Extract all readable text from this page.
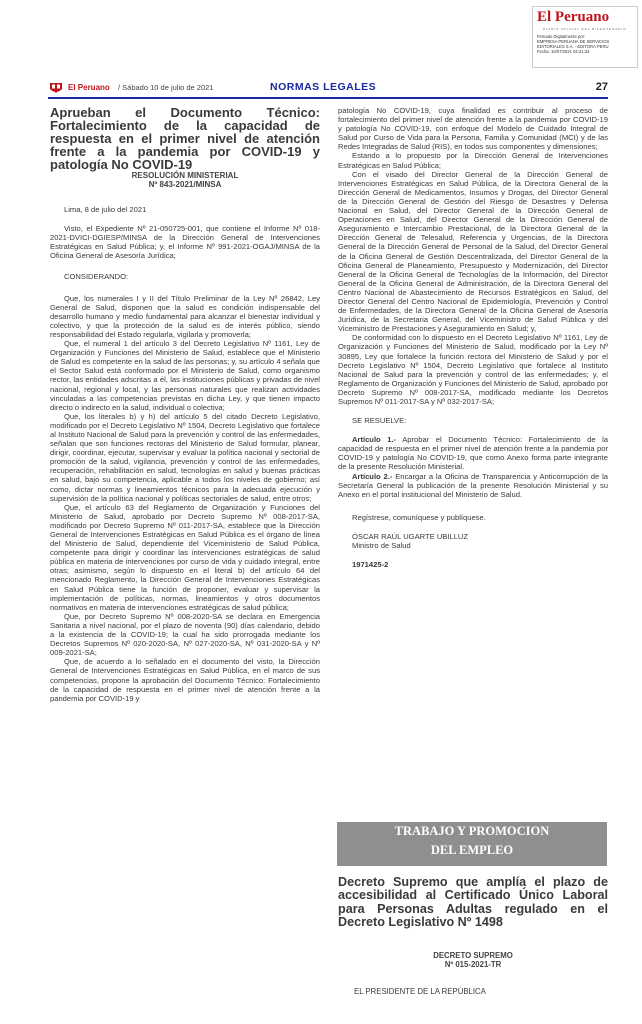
El Peruano
DIARIO OFICIAL DEL BICENTENARIO
Firmado Digitalmente por:
EMPRESA PERUANA DE SERVICIOS
EDITORIALES S.A. - EDITORA PERU
Fecha: 10/07/2021 04:31:33
El Peruano / Sábado 10 de julio de 2021	NORMAS LEGALES	27

Aprueban el Documento Técnico: Fortalecimiento de la capacidad de respuesta en el primer nivel de atención frente a la pandemia por COVID-19 y patología No COVID-19

RESOLUCIÓN MINISTERIAL
Nº 843-2021/MINSA

Lima, 8 de julio del 2021

Visto, el Expediente Nº 21-050725-001, que contiene el Informe Nº 018-2021-DVICI-DGIESP/MINSA de la Dirección General de Intervenciones Estratégicas en Salud Pública; y, el Informe Nº 991-2021-OGAJ/MINSA de la Oficina General de Asesoría Jurídica;

CONSIDERANDO:

Que, los numerales I y II del Título Preliminar de la Ley Nº 26842, Ley General de Salud, disponen que la salud es condición indispensable del desarrollo humano y medio fundamental para alcanzar el bienestar individual y colectivo, y que la protección de la salud es de interés público, siendo responsabilidad del Estado regularla, vigilarla y promoverla;

Que, el numeral 1 del artículo 3 del Decreto Legislativo Nº 1161, Ley de Organización y Funciones del Ministerio de Salud, establece que el Ministerio de Salud es competente en la salud de las personas; y, su artículo 4 señala que el Sector Salud está conformado por el Ministerio de Salud, como organismo rector, las entidades adscritas a él, las instituciones públicas y privadas de nivel nacional, regional y local, y las personas naturales que realizan actividades vinculadas a las competencias previstas en dicha Ley, y que tienen impacto directo o indirecto en la salud, individual o colectiva;

Que, los literales b) y h) del artículo 5 del citado Decreto Legislativo, modificado por el Decreto Legislativo Nº 1504, Decreto Legislativo que fortalece al Instituto Nacional de Salud para la prevención y control de las enfermedades, señalan que son funciones rectoras del Ministerio de Salud formular, planear, dirigir, coordinar, ejecutar, supervisar y evaluar la política nacional y sectorial de promoción de la salud, vigilancia, prevención y control de las enfermedades, recuperación, rehabilitación en salud, tecnologías en salud y buenas prácticas en salud, bajo su competencia, aplicable a todos los niveles de gobierno; así como, dictar normas y lineamientos técnicos para la adecuada ejecución y supervisión de la política nacional y políticas sectoriales de salud, entre otros;

Que, el artículo 63 del Reglamento de Organización y Funciones del Ministerio de Salud, aprobado por Decreto Supremo Nº 008-2017-SA, modificado por Decreto Supremo Nº 011-2017-SA, establece que la Dirección General de Intervenciones Estratégicas en Salud Pública es el órgano de línea del Ministerio de Salud, dependiente del Viceministerio de Salud Pública, competente para dirigir y coordinar las intervenciones estratégicas de salud pública en materia de intervenciones por curso de vida y cuidado integral, entre otras; asimismo, según lo dispuesto en el literal b) del artículo 64 del mencionado Reglamento, la Dirección General de Intervenciones Estratégicas en Salud Pública tiene la función de proponer, evaluar y supervisar la implementación de políticas, normas, lineamientos y otros documentos normativos en materia de intervenciones estratégicas de salud pública;

Que, por Decreto Supremo Nº 008-2020-SA se declara en Emergencia Sanitaria a nivel nacional, por el plazo de noventa (90) días calendario, debido a la existencia de la COVID-19; la cual ha sido prorrogada mediante los Decretos Supremos Nº 020-2020-SA, Nº 027-2020-SA, Nº 031-2020-SA y Nº 009-2021-SA;

Que, de acuerdo a lo señalado en el documento del visto, la Dirección General de Intervenciones Estratégicas en Salud Pública, en el marco de sus competencias, propone la aprobación del Documento Técnico: Fortalecimiento de la capacidad de respuesta en el primer nivel de atención frente a la pandemia por COVID-19 y

patología No COVID-19, cuya finalidad es contribuir al proceso de fortalecimiento del primer nivel de atención frente a la pandemia por COVID-19 y patología No COVID-19, con enfoque del Modelo de Cuidado Integral de Salud por Curso de Vida para la Persona, Familia y Comunidad (MCI) y de las Redes Integradas de Salud (RIS), en todos sus componentes y dimensiones;

Estando a lo propuesto por la Dirección General de Intervenciones Estratégicas en Salud Pública;

Con el visado del Director General de la Dirección General de Intervenciones Estratégicas en Salud Pública, de la Directora General de la Dirección General de Medicamentos, Insumos y Drogas, del Director General de la Dirección General de Gestión del Riesgo de Desastres y Defensa Nacional en Salud, del Director General de la Dirección General de Operaciones en Salud, del Director General de la Dirección General de Aseguramiento e Intercambio Prestacional, de la Directora General de la Dirección General de Telesalud, Referencia y Urgencias, de la Directora General de la Dirección General de Personal de la Salud, del Director General de la Oficina General de Gestión Descentralizada, del Director General de la Oficina General de Planeamiento, Presupuesto y Modernización, del Director General de la Oficina General de Tecnologías de la Información, del Director General de la Oficina General de Administración, de la Directora General del Centro Nacional de Abastecimiento de Recursos Estratégicos en Salud, del Director General del Centro Nacional de Epidemiología, Prevención y Control de Enfermedades, de la Directora General de la Oficina General de Asesoría Jurídica, de la Secretaria General, del Viceministro de Salud Pública y del Viceministro de Prestaciones y Aseguramiento en Salud; y,

De conformidad con lo dispuesto en el Decreto Legislativo Nº 1161, Ley de Organización y Funciones del Ministerio de Salud, modificado por la Ley Nº 30895, Ley que fortalece la función rectora del Ministerio de Salud y por el Decreto Legislativo Nº 1504, Decreto Legislativo que fortalece al Instituto Nacional de Salud para la prevención y control de las enfermedades; y, el Reglamento de Organización y Funciones del Ministerio de Salud, aprobado por Decreto Supremo Nº 008-2017-SA, modificado mediante los Decretos Supremos Nº 011-2017-SA y Nº 032-2017-SA;

SE RESUELVE:

Artículo 1.- Aprobar el Documento Técnico: Fortalecimiento de la capacidad de respuesta en el primer nivel de atención frente a la pandemia por COVID-19 y patología No COVID-19, que como Anexo forma parte integrante de la presente Resolución Ministerial.

Artículo 2.- Encargar a la Oficina de Transparencia y Anticorrupción de la Secretaría General la publicación de la presente Resolución Ministerial y su Anexo en el portal institucional del Ministerio de Salud.

Regístrese, comuníquese y publíquese.

ÓSCAR RAÚL UGARTE UBILLUZ

Ministro de Salud

1971425-2

TRABAJO Y PROMOCION
DEL EMPLEO

Decreto Supremo que amplía el plazo de accesibilidad al Certificado Único Laboral para Personas Adultas regulado en el Decreto Legislativo Nº 1498

DECRETO SUPREMO
Nº 015-2021-TR
EL PRESIDENTE DE LA REPÚBLICA
